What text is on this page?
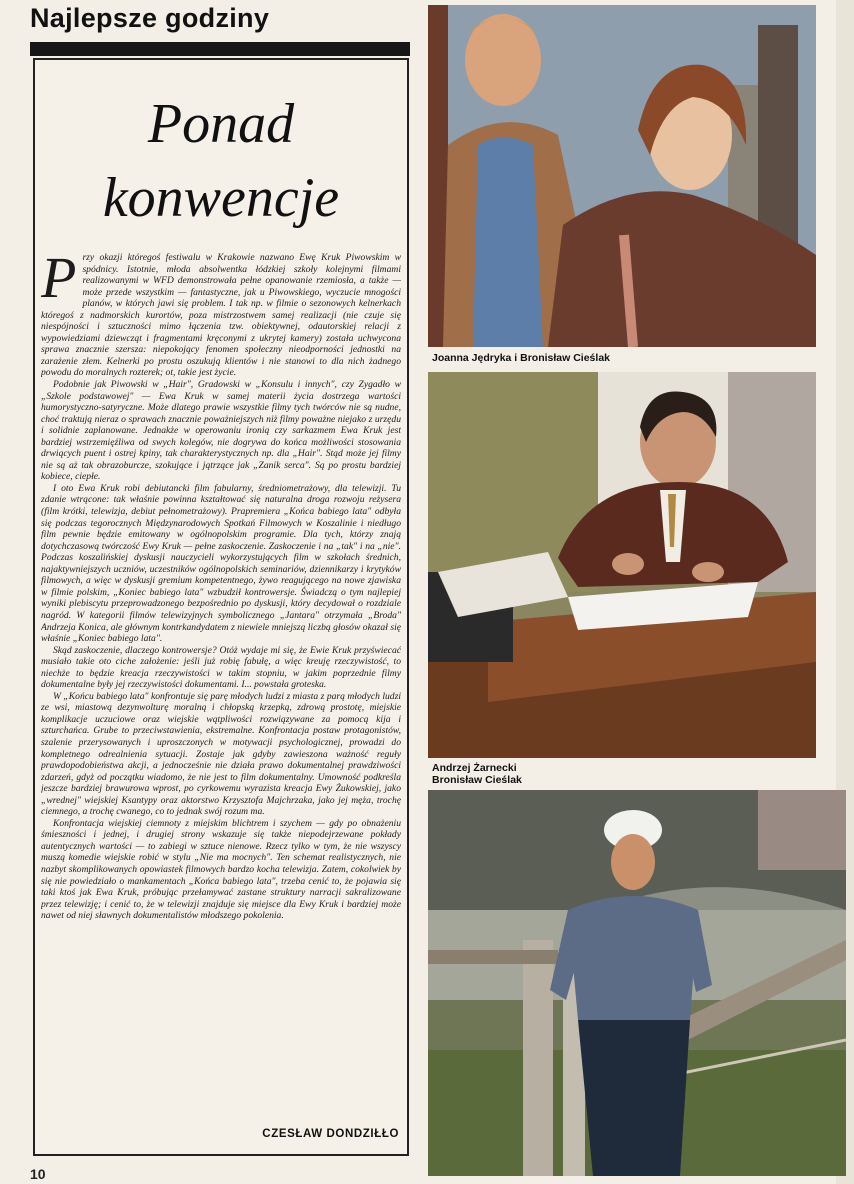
Najlepsze godziny
Ponad
konwencje

Przy okazji któregoś festiwalu w Krakowie nazwano Ewę Kruk Piwowskim w spódnicy. Istotnie, młoda absolwentka łódzkiej szkoły kolejnymi filmami realizowanymi w WFD demonstrowała pełne opanowanie rzemiosła, a także — może przede wszystkim — fantastyczne, jak u Piwowskiego, wyczucie mnogości planów, w których jawi się problem. I tak np. w filmie o sezonowych kelnerkach któregoś z nadmorskich kurortów, poza mistrzostwem samej realizacji (nie czuje się niespójności i sztuczności mimo łączenia tzw. obiektywnej, odautorskiej relacji z wypowiedziami dziewcząt i fragmentami kręconymi z ukrytej kamery) została uchwycona sprawa znacznie szersza: niepokojący fenomen społeczny nieodporności jednostki na zarażenie złem. Kelnerki po prostu oszukują klientów i nie stanowi to dla nich żadnego powodu do moralnych rozterek; ot, takie jest życie.

Podobnie jak Piwowski w „Hair", Gradowski w „Konsulu i innych", czy Zygadło w „Szkole podstawowej" — Ewa Kruk w samej materii życia dostrzega wartości humorystyczno-satyryczne. Może dlatego prawie wszystkie filmy tych twórców nie są nudne, choć traktują nieraz o sprawach znacznie poważniejszych niż filmy poważne niejako z urzędu i solidnie zaplanowane. Jednakże w operowaniu ironią czy sarkazmem Ewa Kruk jest bardziej wstrzemięźliwa od swych kolegów, nie dogrywa do końca możliwości stosowania drwiących puent i ostrej kpiny, tak charakterystycznych np. dla „Hair". Stąd może jej filmy nie są aż tak obrazoburcze, szokujące i jątrzące jak „Zanik serca". Są po prostu bardziej kobiece, ciepłe.

I oto Ewa Kruk robi debiutancki film fabularny, średniometrażowy, dla telewizji. Tu zdanie wtrącone: tak właśnie powinna kształtować się naturalna droga rozwoju reżysera (film krótki, telewizja, debiut pełnometrażowy). Prapremiera „Końca babiego lata" odbyła się podczas tegorocznych Międzynarodowych Spotkań Filmowych w Koszalinie i niedługo film pewnie będzie emitowany w ogólnopolskim programie. Dla tych, którzy znają dotychczasową twórczość Ewy Kruk — pełne zaskoczenie. Zaskoczenie i na „tak" i na „nie". Podczas koszalińskiej dyskusji nauczycieli wykorzystujących film w szkołach średnich, najaktywniejszych uczniów, uczestników ogólnopolskich seminariów, dziennikarzy i krytyków filmowych, a więc w dyskusji gremium kompetentnego, żywo reagującego na nowe zjawiska w filmie polskim, „Koniec babiego lata" wzbudził kontrowersje. Świadczą o tym najlepiej wyniki plebiscytu przeprowadzonego bezpośrednio po dyskusji, który decydował o rozdziale nagród. W kategorii filmów telewizyjnych symbolicznego „Jantara" otrzymała „Broda" Andrzeja Konica, ale głównym kontrkandydatem z niewiele mniejszą liczbą głosów okazał się właśnie „Koniec babiego lata".

Skąd zaskoczenie, dlaczego kontrowersje? Otóż wydaje mi się, że Ewie Kruk przyświecać musiało takie oto ciche założenie: jeśli już robię fabułę, a więc kreuję rzeczywistość, to niechże to będzie kreacja rzeczywistości w takim stopniu, w jakim poprzednie filmy dokumentalne były jej rzeczywistości dokumentami. I... powstała groteska.

W „Końcu babiego lata" konfrontuje się parę młodych ludzi z miasta z parą młodych ludzi ze wsi, miastową dezynwolturę moralną i chłopską krzepką, zdrową prostotę, miejskie komplikacje uczuciowe oraz wiejskie wątpliwości rozwiązywane za pomocą kija i szturchańca. Grube to przeciwstawienia, ekstremalne. Konfrontacja postaw protagonistów, szalenie przerysowanych i uproszczonych w motywacji psychologicznej, prowadzi do kompletnego odrealnienia sytuacji. Zostaje jak gdyby zawieszona ważność reguły prawdopodobieństwa akcji, a jednocześnie nie działa prawo dokumentalnej prawdziwości zdarzeń, gdyż od początku wiadomo, że nie jest to film dokumentalny. Umowność podkreśla jeszcze bardziej brawurowa wprost, po cyrkowemu wyrazista kreacja Ewy Żukowskiej, jako „wrednej" wiejskiej Ksantypy oraz aktorstwo Krzysztofa Majchrzaka, jako jej męża, trochę ciemnego, a trochę cwanego, co to jednak swój rozum ma.

Konfrontacja wiejskiej ciemnoty z miejskim blichtrem i szychem — gdy po obnażeniu śmieszności i jednej, i drugiej strony wskazuje się także niepodejrzewane pokłady autentycznych wartości — to zabiegi w sztuce nienowe. Rzecz tylko w tym, że nie wszyscy muszą komedie wiejskie robić w stylu „Nie ma mocnych". Ten schemat realistycznych, nie nazbyt skomplikowanych opowiastek filmowych bardzo kocha telewizja. Zatem, cokolwiek by się nie powiedziało o mankamentach „Końca babiego lata", trzeba cenić to, że pojawia się taki ktoś jak Ewa Kruk, próbując przełamywać zastane struktury narracji sakralizowane przez telewizję; i cenić to, że w telewizji znajduje się miejsce dla Ewy Kruk i bardziej może nawet od niej sławnych dokumentalistów młodszego pokolenia.

CZESŁAW DONDZIŁŁO
10
Joanna Jędryka i Bronisław Cieślak
Andrzej Żarnecki
Bronisław Cieślak
